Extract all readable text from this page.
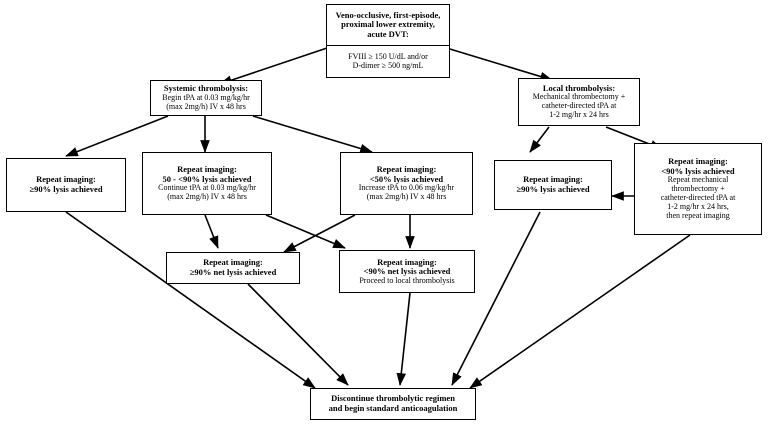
Veno-occlusive, first-episode,
proximal lower extremity,
acute DVT:
FVIII ≥ 150 U/dL and/or
D-dimer ≥ 500 ng/mL
Systemic thrombolysis:
Begin tPA at 0.03 mg/kg/hr
(max 2mg/h) IV x 48 hrs
Local thrombolysis:
Mechanical thrombectomy +
catheter-directed tPA at
1-2 mg/hr x 24 hrs
Repeat imaging:
≥90% lysis achieved
Repeat imaging:
50 - <90% lysis achieved
Continue tPA at 0.03 mg/kg/hr
(max 2mg/h) IV x 48 hrs
Repeat imaging:
<50% lysis achieved
Increase tPA to 0.06 mg/kg/hr
(max 2mg/h) IV x 48 hrs
Repeat imaging:
≥90% lysis achieved
Repeat imaging:
<90% lysis achieved
Repeat mechanical
thrombectomy +
catheter-directed tPA at
1-2 mg/hr x 24 hrs,
then repeat imaging
Repeat imaging:
≥90% net lysis achieved
Repeat imaging:
<90% net lysis achieved
Proceed to local thrombolysis
Discontinue thrombolytic regimen
and begin standard anticoagulation
